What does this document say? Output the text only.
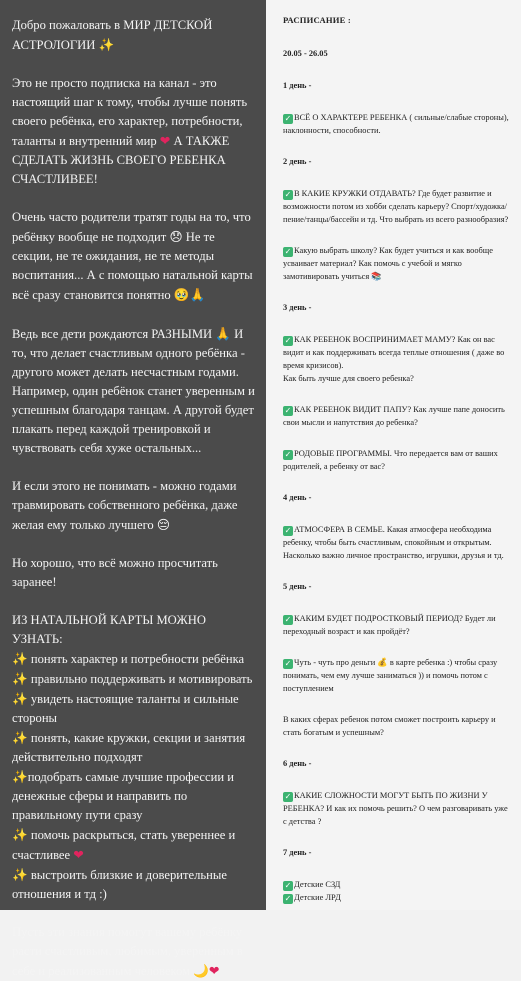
Добро пожаловать в МИР ДЕТСКОЙ АСТРОЛОГИИ ✨

Это не просто подписка на канал - это настоящий шаг к тому, чтобы лучше понять своего ребёнка, его характер, потребности, таланты и внутренний мир ❤ А ТАКЖЕ СДЕЛАТЬ ЖИЗНЬ СВОЕГО РЕБЕНКА СЧАСТЛИВЕЕ!

Очень часто родители тратят годы на то, что ребёнку вообще не подходит 😞 Не те секции, не те ожидания, не те методы воспитания... А с помощью натальной карты всё сразу становится понятно 🥹🙏

Ведь все дети рождаются РАЗНЫМИ 🙏 И то, что делает счастливым одного ребёнка - другого может делать несчастным годами. Например, один ребёнок станет уверенным и успешным благодаря танцам. А другой будет плакать перед каждой тренировкой и чувствовать себя хуже остальных...

И если этого не понимать - можно годами травмировать собственного ребёнка, даже желая ему только лучшего 😔

Но хорошо, что всё можно просчитать заранее!

ИЗ НАТАЛЬНОЙ КАРТЫ МОЖНО УЗНАТЬ:
✨ понять характер и потребности ребёнка
✨ правильно поддерживать и мотивировать
✨ увидеть настоящие таланты и сильные стороны
✨ понять, какие кружки, секции и занятия действительно подходят
✨подобрать самые лучшие профессии и денежные сферы и направить по правильному пути сразу
✨ помочь раскрыться, стать увереннее и счастливее ❤
✨ выстроить близкие и доверительные отношения и тд :)

Пусть эти знания помогут вашему ребёнку расти счастливым, любимым, уверенным в себе и реализованным человеком 🌙❤

РАСПИСАНИЕ :
20.05 - 26.05
1 день -
✓ ВСЁ О ХАРАКТЕРЕ РЕБЕНКА ( сильные/слабые стороны), наклонности, способности.
2 день -
✓ В КАКИЕ КРУЖКИ ОТДАВАТЬ? Где будет развитие и возможности потом из хобби сделать карьеру? Спорт/художка/пение/танцы/бассейн и тд. Что выбрать из всего разнообразия?
✓ Какую выбрать школу? Как будет учиться и как вообще усваивает материал? Как помочь с учебой и мягко замотивировать учиться 📚
3 день -
✓ КАК РЕБЕНОК ВОСПРИНИМАЕТ МАМУ? Как он вас видит и как поддерживать всегда теплые отношения ( даже во время кризисов).
Как быть лучше для своего ребенка?
✓ КАК РЕБЕНОК ВИДИТ ПАПУ? Как лучше папе доносить свои мысли и напутствия до ребенка?
✓ РОДОВЫЕ ПРОГРАММЫ. Что передается вам от ваших родителей, а ребенку от вас?
4 день -
✓ АТМОСФЕРА В СЕМЬЕ. Какая атмосфера необходима ребенку, чтобы быть счастливым, спокойным и открытым. Насколько важно личное пространство, игрушки, друзья и тд.
5 день -
✓ КАКИМ БУДЕТ ПОДРОСТКОВЫЙ ПЕРИОД? Будет ли переходный возраст и как пройдёт?
✓ Чуть - чуть про деньги 💰 в карте ребенка :) чтобы сразу понимать, чем ему лучше заниматься )) и помочь потом с поступлением
В каких сферах ребенок потом сможет построить карьеру и стать богатым и успешным?
6 день -
✓ КАКИЕ СЛОЖНОСТИ МОГУТ БЫТЬ ПО ЖИЗНИ У РЕБЕНКА? И как их помочь решить? О чем разговаривать уже с детства ?
7 день -
✓ Детские СЗД
✓ Детские ЛРД
